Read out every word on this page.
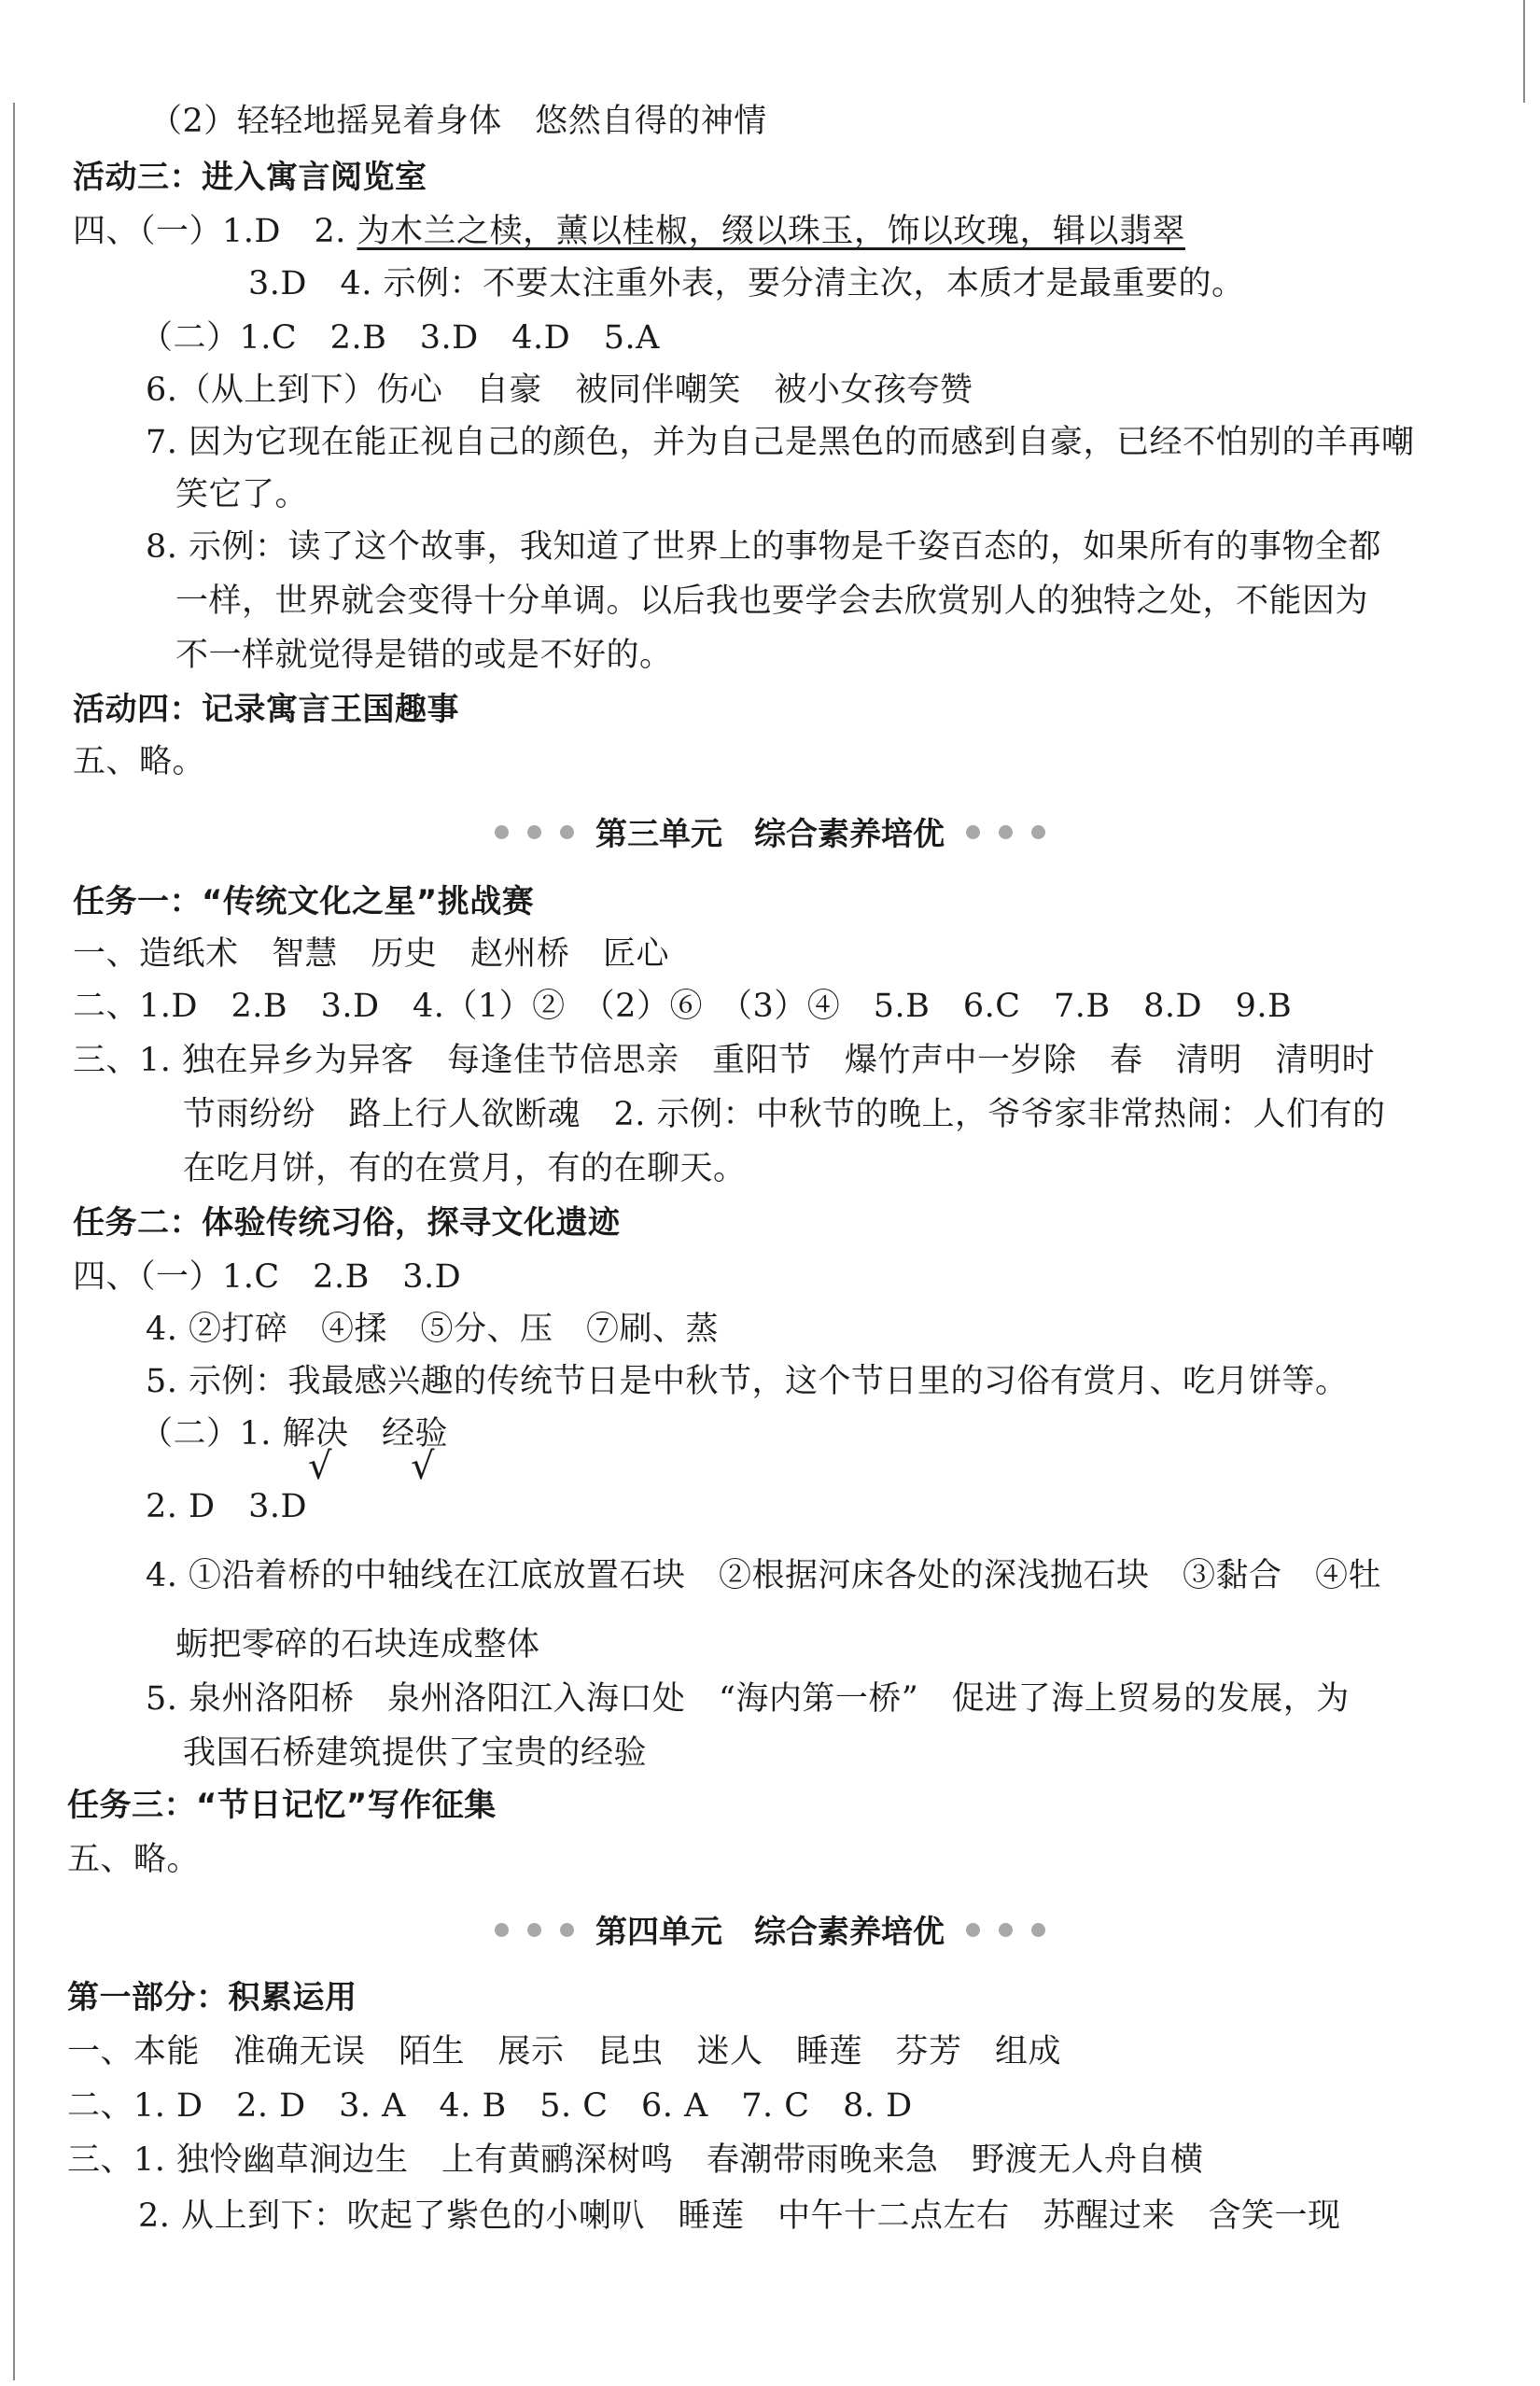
（2）轻轻地摇晃着身体　悠然自得的神情
活动三：进入寓言阅览室
四、（一）1.D　2. 为木兰之椟，薰以桂椒，缀以珠玉，饰以玫瑰，辑以翡翠
3.D　4. 示例：不要太注重外表，要分清主次，本质才是最重要的。
（二）1.C　2.B　3.D　4.D　5.A
6.（从上到下）伤心　自豪　被同伴嘲笑　被小女孩夸赞
7. 因为它现在能正视自己的颜色，并为自己是黑色的而感到自豪，已经不怕别的羊再嘲
笑它了。
8. 示例：读了这个故事，我知道了世界上的事物是千姿百态的，如果所有的事物全都
一样，世界就会变得十分单调。以后我也要学会去欣赏别人的独特之处，不能因为
不一样就觉得是错的或是不好的。
活动四：记录寓言王国趣事
五、略。
第三单元　综合素养培优
任务一：“传统文化之星”挑战赛
一、造纸术　智慧　历史　赵州桥　匠心
二、1.D　2.B　3.D　4.（1）②　（2）⑥　（3）④　5.B　6.C　7.B　8.D　9.B
三、1. 独在异乡为异客　每逢佳节倍思亲　重阳节　爆竹声中一岁除　春　清明　清明时
节雨纷纷　路上行人欲断魂　2. 示例：中秋节的晚上，爷爷家非常热闹：人们有的
在吃月饼，有的在赏月，有的在聊天。
任务二：体验传统习俗，探寻文化遗迹
四、（一）1.C　2.B　3.D
4. ②打碎　④揉　⑤分、压　⑦刷、蒸
5. 示例：我最感兴趣的传统节日是中秋节，这个节日里的习俗有赏月、吃月饼等。
（二）1. 解决　经验
√ √
2. D　3.D
4. ①沿着桥的中轴线在江底放置石块　②根据河床各处的深浅抛石块　③黏合　④牡
蛎把零碎的石块连成整体
5. 泉州洛阳桥　泉州洛阳江入海口处　“海内第一桥”　促进了海上贸易的发展，为
我国石桥建筑提供了宝贵的经验
任务三：“节日记忆”写作征集
五、略。
第四单元　综合素养培优
第一部分：积累运用
一、本能　准确无误　陌生　展示　昆虫　迷人　睡莲　芬芳　组成
二、1. D　2. D　3. A　4. B　5. C　6. A　7. C　8. D
三、1. 独怜幽草涧边生　上有黄鹂深树鸣　春潮带雨晚来急　野渡无人舟自横
2. 从上到下：吹起了紫色的小喇叭　睡莲　中午十二点左右　苏醒过来　含笑一现
